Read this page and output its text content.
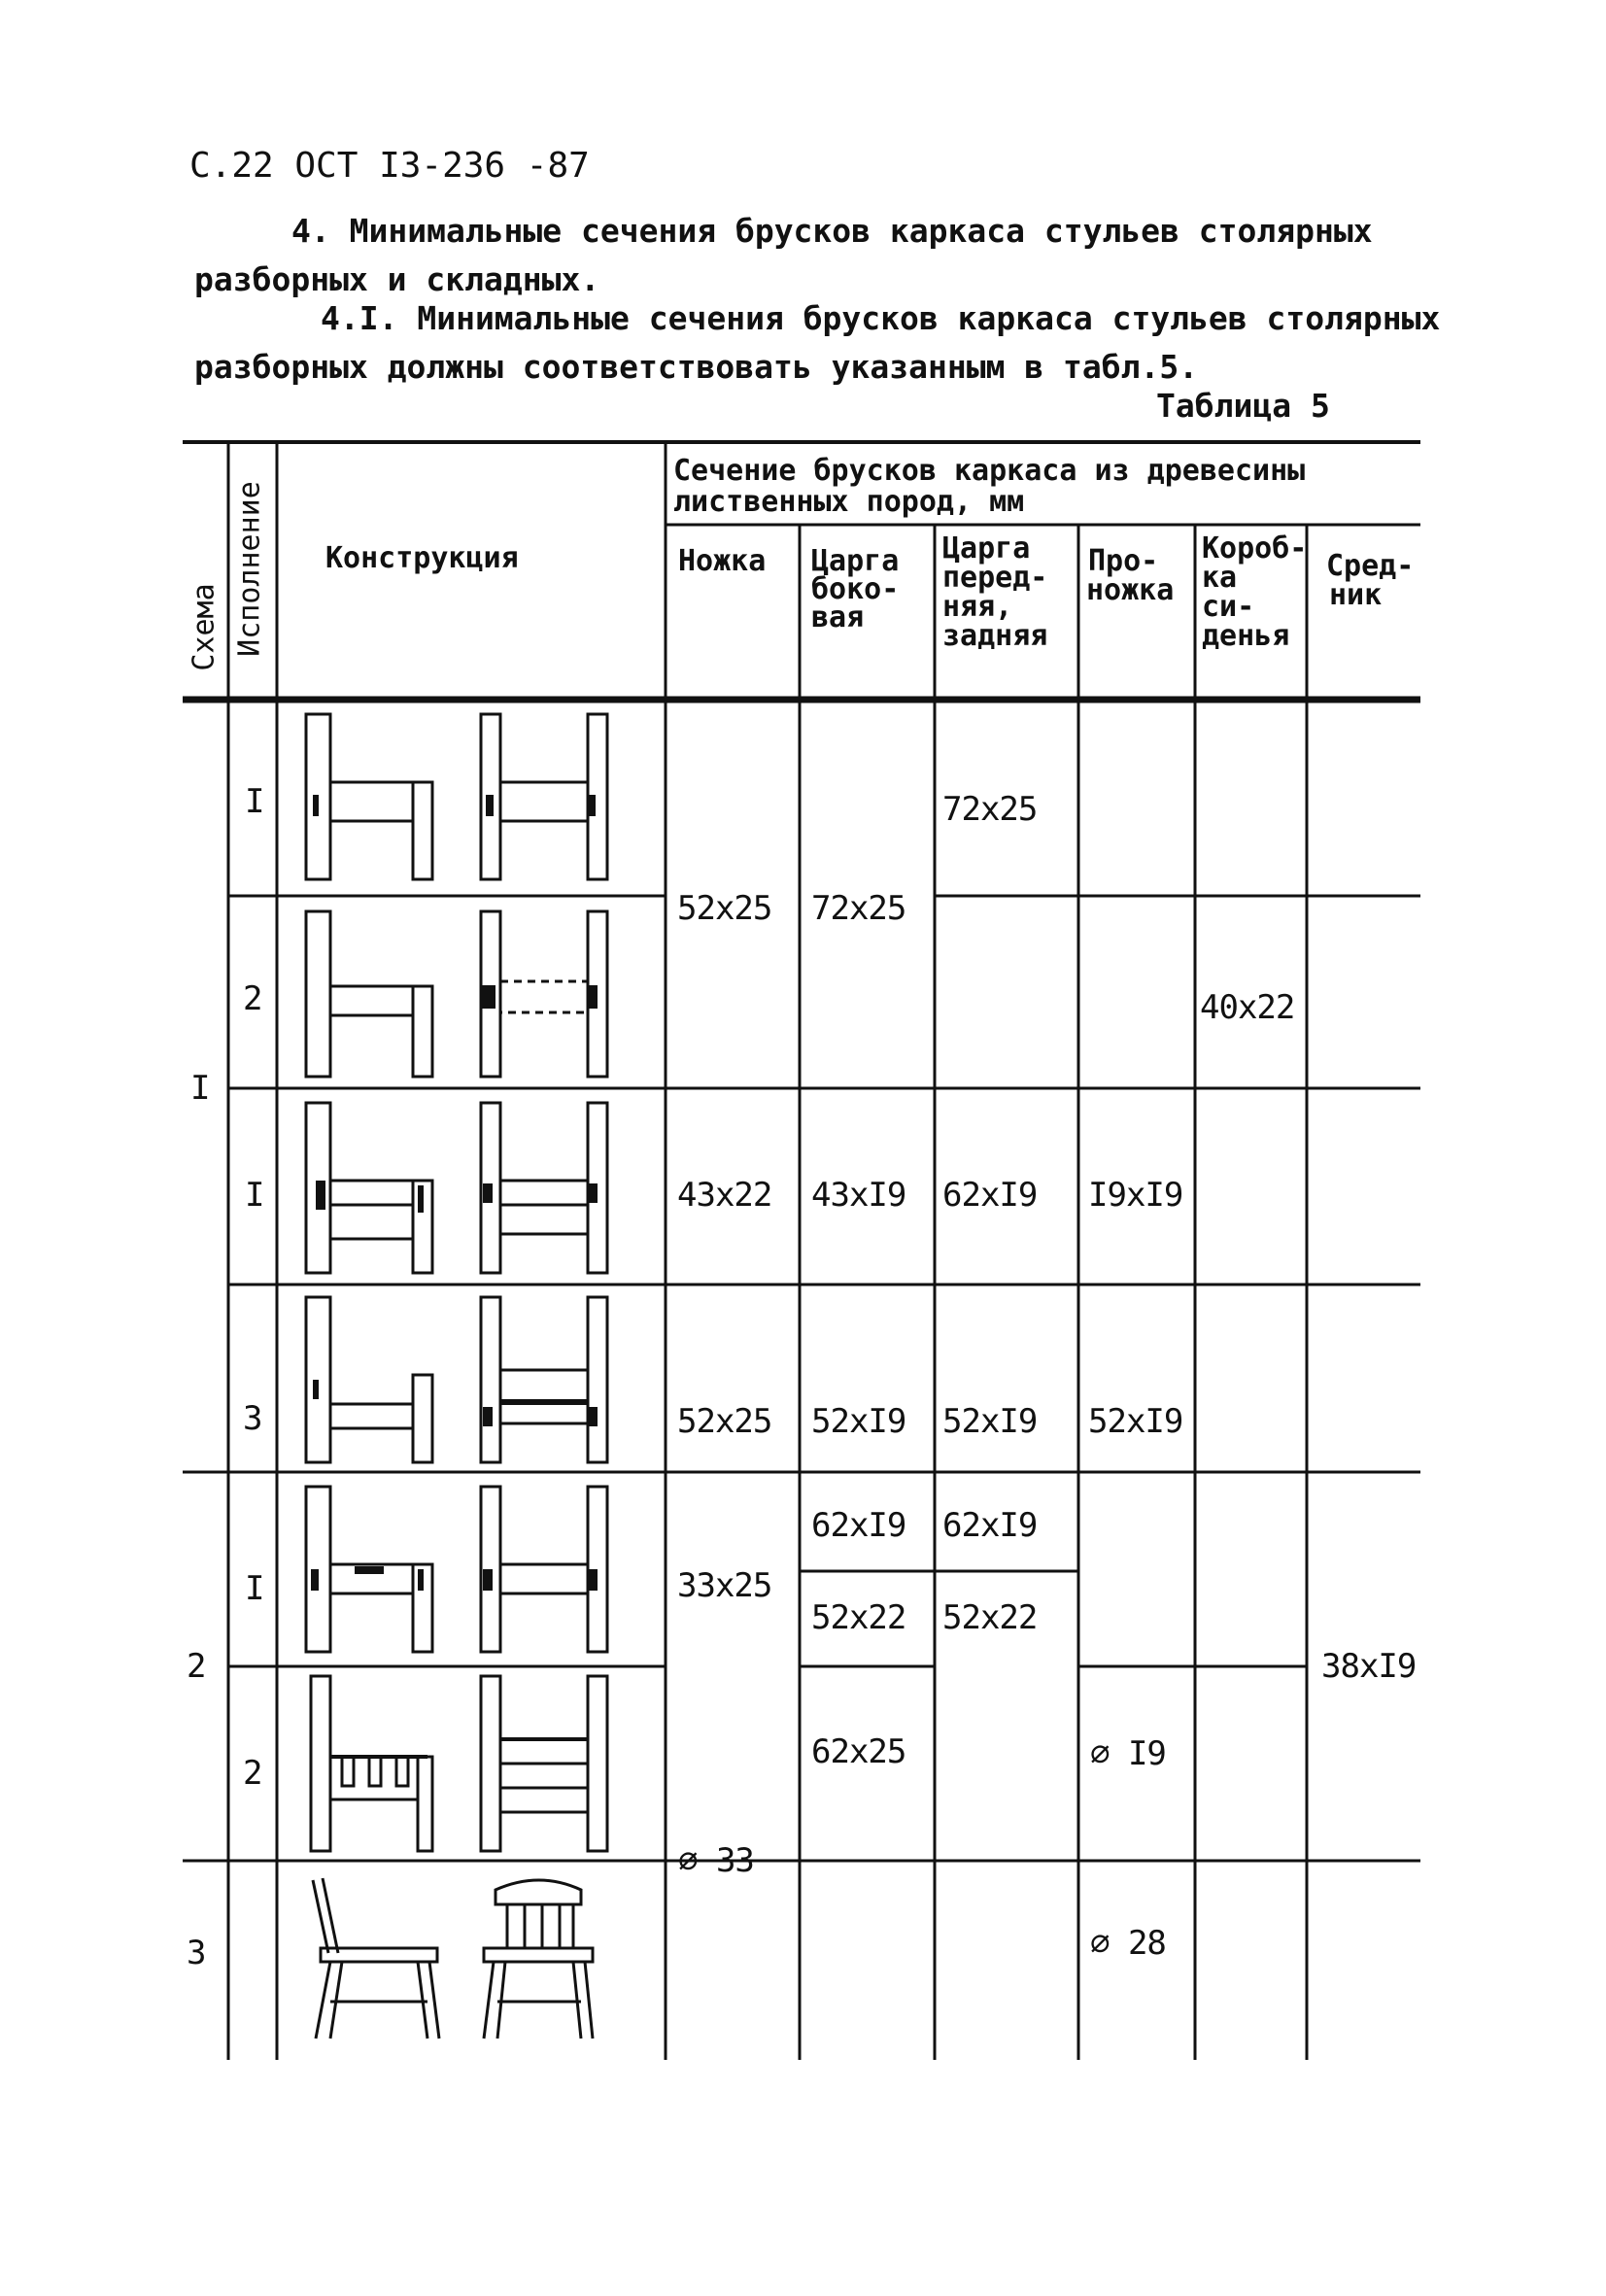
С.22 ОСТ I3-236 -87
4. Минимальные сечения брусков каркаса стульев столярных
разборных и складных.
4.I. Минимальные сечения брусков каркаса стульев столярных
разборных должны соответствовать указанным в табл.5.
Таблица 5
Схема Исполнение Конструкция
Сечение брусков каркаса из древесины
лиственных пород, мм
Ножка Царга
боко-
вая
Царга
перед-
няя,
задняя
Про-
ножка
Короб-
ка
си-
денья
Сред-
ник
I
2
3
I
2
I
3
I
2
72x25
52x25 72x25
40x22
43x22 43xI9 62xI9 I9xI9
52x25 52xI9 52xI9 52xI9
33x25
62xI9 62xI9
52x22 52x22
62x25	⌀ I9
⌀ 33
⌀ 28
38xI9
